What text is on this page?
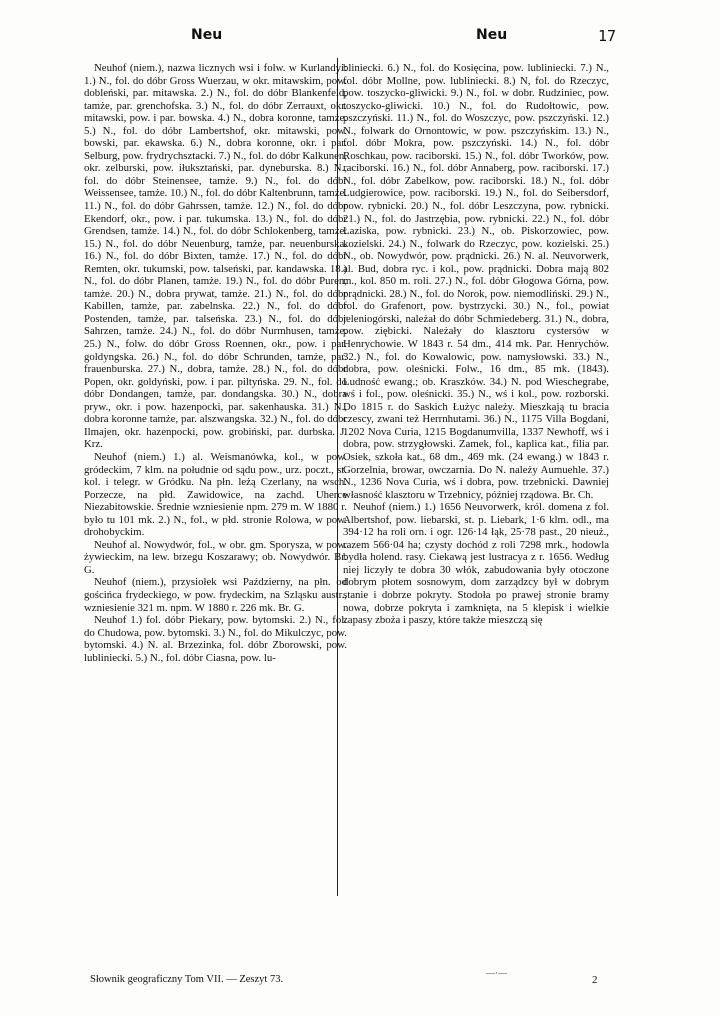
Neu	Neu	17

Neuhof (niem.), nazwa licznych wsi i folw. w Kurlandyi: 1.) N., fol. do dóbr Gross Wuerzau, w okr. mitawskim, pow. dobleński, par. mitawska. 2.) N., fol. do dóbr Blankenfeld, tamże, par. grenchofska. 3.) N., fol. do dóbr Zerrauxt, okr. mitawski, pow. i par. bowska. 4.) N., dobra koronne, tamże. 5.) N., fol. do dóbr Lambertshof, okr. mitawski, pow. bowski, par. ekawska. 6.) N., dobra koronne, okr. i par. Selburg, pow. frydrychsztacki. 7.) N., fol. do dóbr Kalkunen, okr. zelburski, pow. iłuksztański, par. dyneburska. 8.) N., fol. do dóbr Steinensee, tamże. 9.) N., fol. do dóbr Weissensee, tamże. 10.) N., fol. do dóbr Kaltenbrunn, tamże. 11.) N., fol. do dóbr Gahrssen, tamże. 12.) N., fol. do dóbr Ekendorf, okr., pow. i par. tukumska. 13.) N., fol. do dóbr Grendsen, tamże. 14.) N., fol. do dóbr Schlokenberg, tamże. 15.) N., fol. do dóbr Neuenburg, tamże, par. neuenburska. 16.) N., fol. do dóbr Bixten, tamże. 17.) N., fol. do dóbr Remten, okr. tukumski, pow. talseński, par. kandawska. 18.) N., fol. do dóbr Planen, tamże. 19.) N., fol. do dóbr Puren, tamże. 20.) N., dobra prywat, tamże. 21.) N., fol. do dóbr Kabillen, tamże, par. zabelnska. 22.) N., fol. do dóbr Postenden, tamże, par. talseńska. 23.) N., fol. do dóbr Sahrzen, tamże. 24.) N., fol. do dóbr Nurmhusen, tamże. 25.) N., folw. do dóbr Gross Roennen, okr., pow. i par. goldyngska. 26.) N., fol. do dóbr Schrunden, tamże, par. frauenburska. 27.) N., dobra, tamże. 28.) N., fol. do dóbr Popen, okr. goldyński, pow. i par. piltyńska. 29. N., fol. do dóbr Dondangen, tamże, par. dondangska. 30.) N., dobra pryw., okr. i pow. hazenpocki, par. sakenhauska. 31.) N., dobra koronne tamże, par. alszwangska. 32.) N., fol. do dóbr Ilmajen, okr. hazenpocki, pow. grobiński, par. durbska. J. Krz.

Neuhof (niem.) 1.) al. Weismanówka, kol., w pow. gródeckim, 7 klm. na południe od sądu pow., urz. poczt., st. kol. i telegr. w Gródku. Na płn. leżą Czerlany, na wsch. Porzecze, na płd. Zawidowice, na zachd. Uherce Niezabitowskie. Średnie wzniesienie npm. 279 m. W 1880 r. było tu 101 mk. 2.) N., fol., w płd. stronie Rolowa, w pow. drohobyckim.

Neuhof al. Nowydwór, fol., w obr. gm. Sporysza, w pow. żywieckim, na lew. brzegu Koszarawy; ob. Nowydwór. Br. G.

Neuhof (niem.), przysiołek wsi Październy, na płn. od gościńca frydeckiego, w pow. frydeckim, na Szląsku austr., wzniesienie 321 m. npm. W 1880 r. 226 mk. Br. G.

Neuhof 1.) fol. dóbr Piekary, pow. bytomski. 2.) N., fol. do Chudowa, pow. bytomski. 3.) N., fol. do Mikulczyc, pow. bytomski. 4.) N. al. Brzezinka, fol. dóbr Zborowski, pow. lubliniecki. 5.) N., fol. dóbr Ciasna, pow. lu-

bliniecki. 6.) N., fol. do Kosięcina, pow. lubliniecki. 7.) N., fol. dóbr Mollne, pow. lubliniecki. 8.) N, fol. do Rzeczyc, pow. toszycko-gliwicki. 9.) N., fol. w dobr. Rudziniec, pow. toszycko-gliwicki. 10.) N., fol. do Rudołtowic, pow. pszczyński. 11.) N., fol. do Woszczyc, pow. pszczyński. 12.) N., folwark do Ornontowic, w pow. pszczyńskim. 13.) N., fol. dóbr Mokra, pow. pszczyński. 14.) N., fol. dóbr Roschkau, pow. raciborski. 15.) N., fol. dóbr Tworków, pow. raciborski. 16.) N., fol. dóbr Annaberg, pow. raciborski. 17.) N., fol. dóbr Zabelkow, pow. raciborski. 18.) N., fol. dóbr Ludgierowice, pow. raciborski. 19.) N., fol. do Seibersdorf, pow. rybnicki. 20.) N., fol. dóbr Leszczyna, pow. rybnicki. 21.) N., fol. do Jastrzębia, pow. rybnicki. 22.) N., fol. dóbr Łaziska, pow. rybnicki. 23.) N., ob. Piskorzowiec, pow. kozielski. 24.) N., folwark do Rzeczyc, pow. kozielski. 25.) N., ob. Nowydwór, pow. prądnicki. 26.) N. al. Neuvorwerk, al. Bud, dobra ryc. i kol., pow. prądnicki. Dobra mają 802 m., kol. 850 m. roli. 27.) N., fol. dóbr Głogowa Górna, pow. prądnicki. 28.) N., fol. do Norok, pow. niemodliński. 29.) N., fol. do Grafenort, pow. bystrzycki. 30.) N., fol., powiat jeleniogórski, należał do dóbr Schmiedeberg. 31.) N., dobra, pow. ziębicki. Należały do klasztoru cystersów w Henrychowie. W 1843 r. 54 dm., 414 mk. Par. Henrychów. 32.) N., fol. do Kowalowic, pow. namysłowski. 33.) N., dobra, pow. oleśnicki. Folw., 16 dm., 85 mk. (1843). Ludność ewang.; ob. Kraszków. 34.) N. pod Wieschegrabe, wś i fol., pow. oleśnicki. 35.) N., wś i kol., pow. rozborski. Do 1815 r. do Saskich Łużyc należy. Mieszkają tu bracia czescy, zwani też Herrnhutami. 36.) N., 1175 Villa Bogdani, 1202 Nova Curia, 1215 Bogdanumvilla, 1337 Newhoff, wś i dobra, pow. strzygłowski. Zamek, fol., kaplica kat., filia par. Osiek, szkoła kat., 68 dm., 469 mk. (24 ewang.) w 1843 r. Gorzelnia, browar, owczarnia. Do N. należy Aumuehle. 37.) N., 1236 Nova Curia, wś i dobra, pow. trzebnicki. Dawniej własność klasztoru w Trzebnicy, później rządowa. Br. Ch.

Neuhof (niem.) 1.) 1656 Neuvorwerk, król. domena z fol. Albertshof, pow. liebarski, st. p. Liebark, 1·6 klm. odl., ma 394·12 ha roli orn. i ogr. 126·14 łąk, 25·78 past., 20 nieuż., razem 566·04 ha; czysty dochód z roli 7298 mrk., hodowla bydła holend. rasy. Ciekawą jest lustracya z r. 1656. Według niej liczyły te dobra 30 włók, zabudowania były otoczone dobrym płotem sosnowym, dom zarządzcy był w dobrym stanie i dobrze pokryty. Stodoła po prawej stronie bramy nowa, dobrze pokryta i zamknięta, na 5 klepisk i wielkie zapasy zboża i paszy, które także mieszczą się

Słownik geograficzny Tom VII. — Zeszyt 73.
—·—
2
